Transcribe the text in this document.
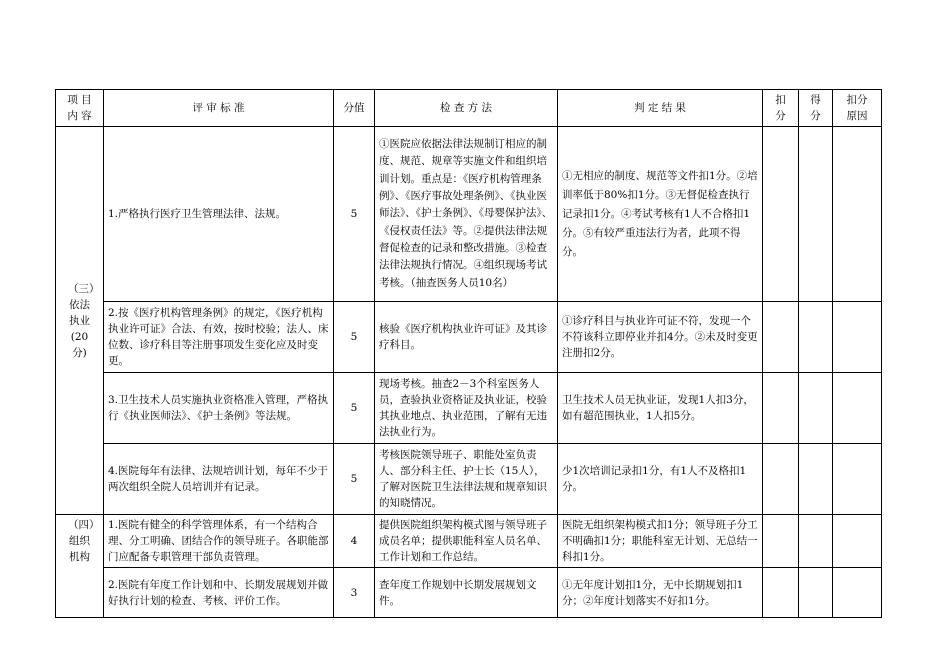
项 目
内 容	评 审 标 准	分值	检 查 方 法	判 定 结 果	扣分	得分	扣分原因
（三）依法执业(20分)	1.严格执行医疗卫生管理法律、法规。	5	①医院应依据法律法规制订相应的制度、规范、规章等实施文件和组织培训计划。重点是：《医疗机构管理条例》、《医疗事故处理条例》、《执业医师法》、《护士条例》、《母婴保护法》、《侵权责任法》等。②提供法律法规督促检查的记录和整改措施。③检查法律法规执行情况。④组织现场考试考核。（抽查医务人员10名）	①无相应的制度、规范等文件扣1分。②培训率低于80%扣1分。③无督促检查执行记录扣1分。④考试考核有1人不合格扣1分。⑤有较严重违法行为者，此项不得分。			
	2.按《医疗机构管理条例》的规定，《医疗机构执业许可证》合法、有效，按时校验；法人、床位数、诊疗科目等注册事项发生变化应及时变更。	5	核验《医疗机构执业许可证》及其诊疗科目。	①诊疗科目与执业许可证不符，发现一个不符该科立即停业并扣4分。②未及时变更注册扣2分。			
	3.卫生技术人员实施执业资格准入管理，严格执行《执业医师法》、《护士条例》等法规。	5	现场考核。抽查2－3个科室医务人员，查验执业资格证及执业证，校验其执业地点、执业范围，了解有无违法执业行为。	卫生技术人员无执业证，发现1人扣3分，如有超范围执业，1人扣5分。			
	4.医院每年有法律、法规培训计划，每年不少于两次组织全院人员培训并有记录。	5	考核医院领导班子、职能处室负责人、部分科主任、护士长（15人），了解对医院卫生法律法规和规章知识的知晓情况。	少1次培训记录扣1分，有1人不及格扣1分。			
（四）组织机构	1.医院有健全的科学管理体系，有一个结构合理、分工明确、团结合作的领导班子。各职能部门应配备专职管理干部负责管理。	4	提供医院组织架构模式图与领导班子成员名单；提供职能科室人员名单、工作计划和工作总结。	医院无组织架构模式扣1分；领导班子分工不明确扣1分；职能科室无计划、无总结一科扣1分。			
	2.医院有年度工作计划和中、长期发展规划并做好执行计划的检查、考核、评价工作。	3	查年度工作规划中长期发展规划文件。	①无年度计划扣1分，无中长期规划扣1分；②年度计划落实不好扣1分。			
